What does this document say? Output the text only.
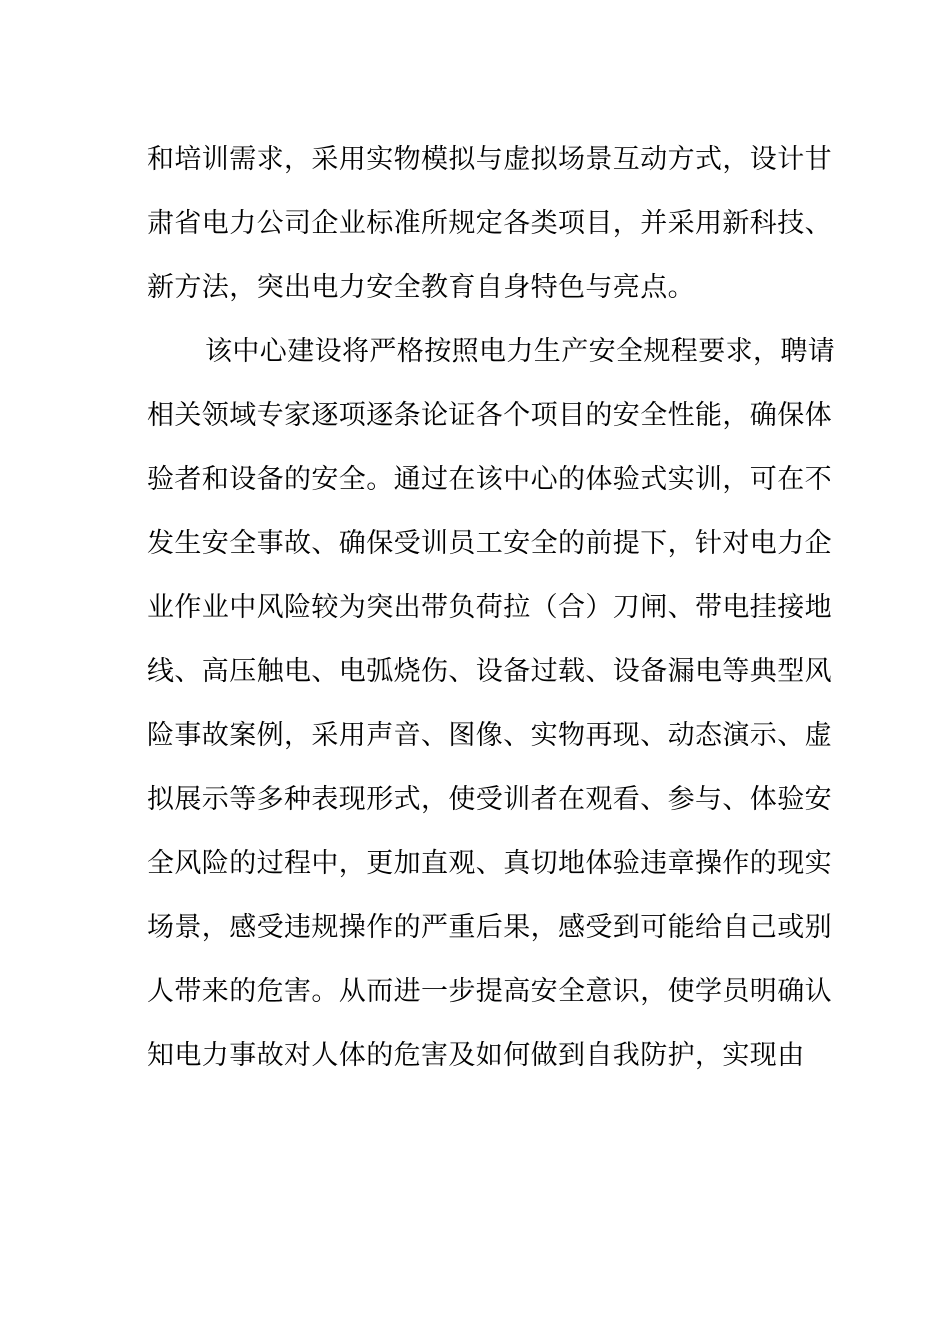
和培训需求，采用实物模拟与虚拟场景互动方式，设计甘
肃省电力公司企业标准所规定各类项目，并采用新科技、
新方法，突出电力安全教育自身特色与亮点。
该中心建设将严格按照电力生产安全规程要求，聘请
相关领域专家逐项逐条论证各个项目的安全性能，确保体
验者和设备的安全。通过在该中心的体验式实训，可在不
发生安全事故、确保受训员工安全的前提下，针对电力企
业作业中风险较为突出带负荷拉（合）刀闸、带电挂接地
线、高压触电、电弧烧伤、设备过载、设备漏电等典型风
险事故案例，采用声音、图像、实物再现、动态演示、虚
拟展示等多种表现形式，使受训者在观看、参与、体验安
全风险的过程中，更加直观、真切地体验违章操作的现实
场景，感受违规操作的严重后果，感受到可能给自己或别
人带来的危害。从而进一步提高安全意识，使学员明确认
知电力事故对人体的危害及如何做到自我防护，实现由
